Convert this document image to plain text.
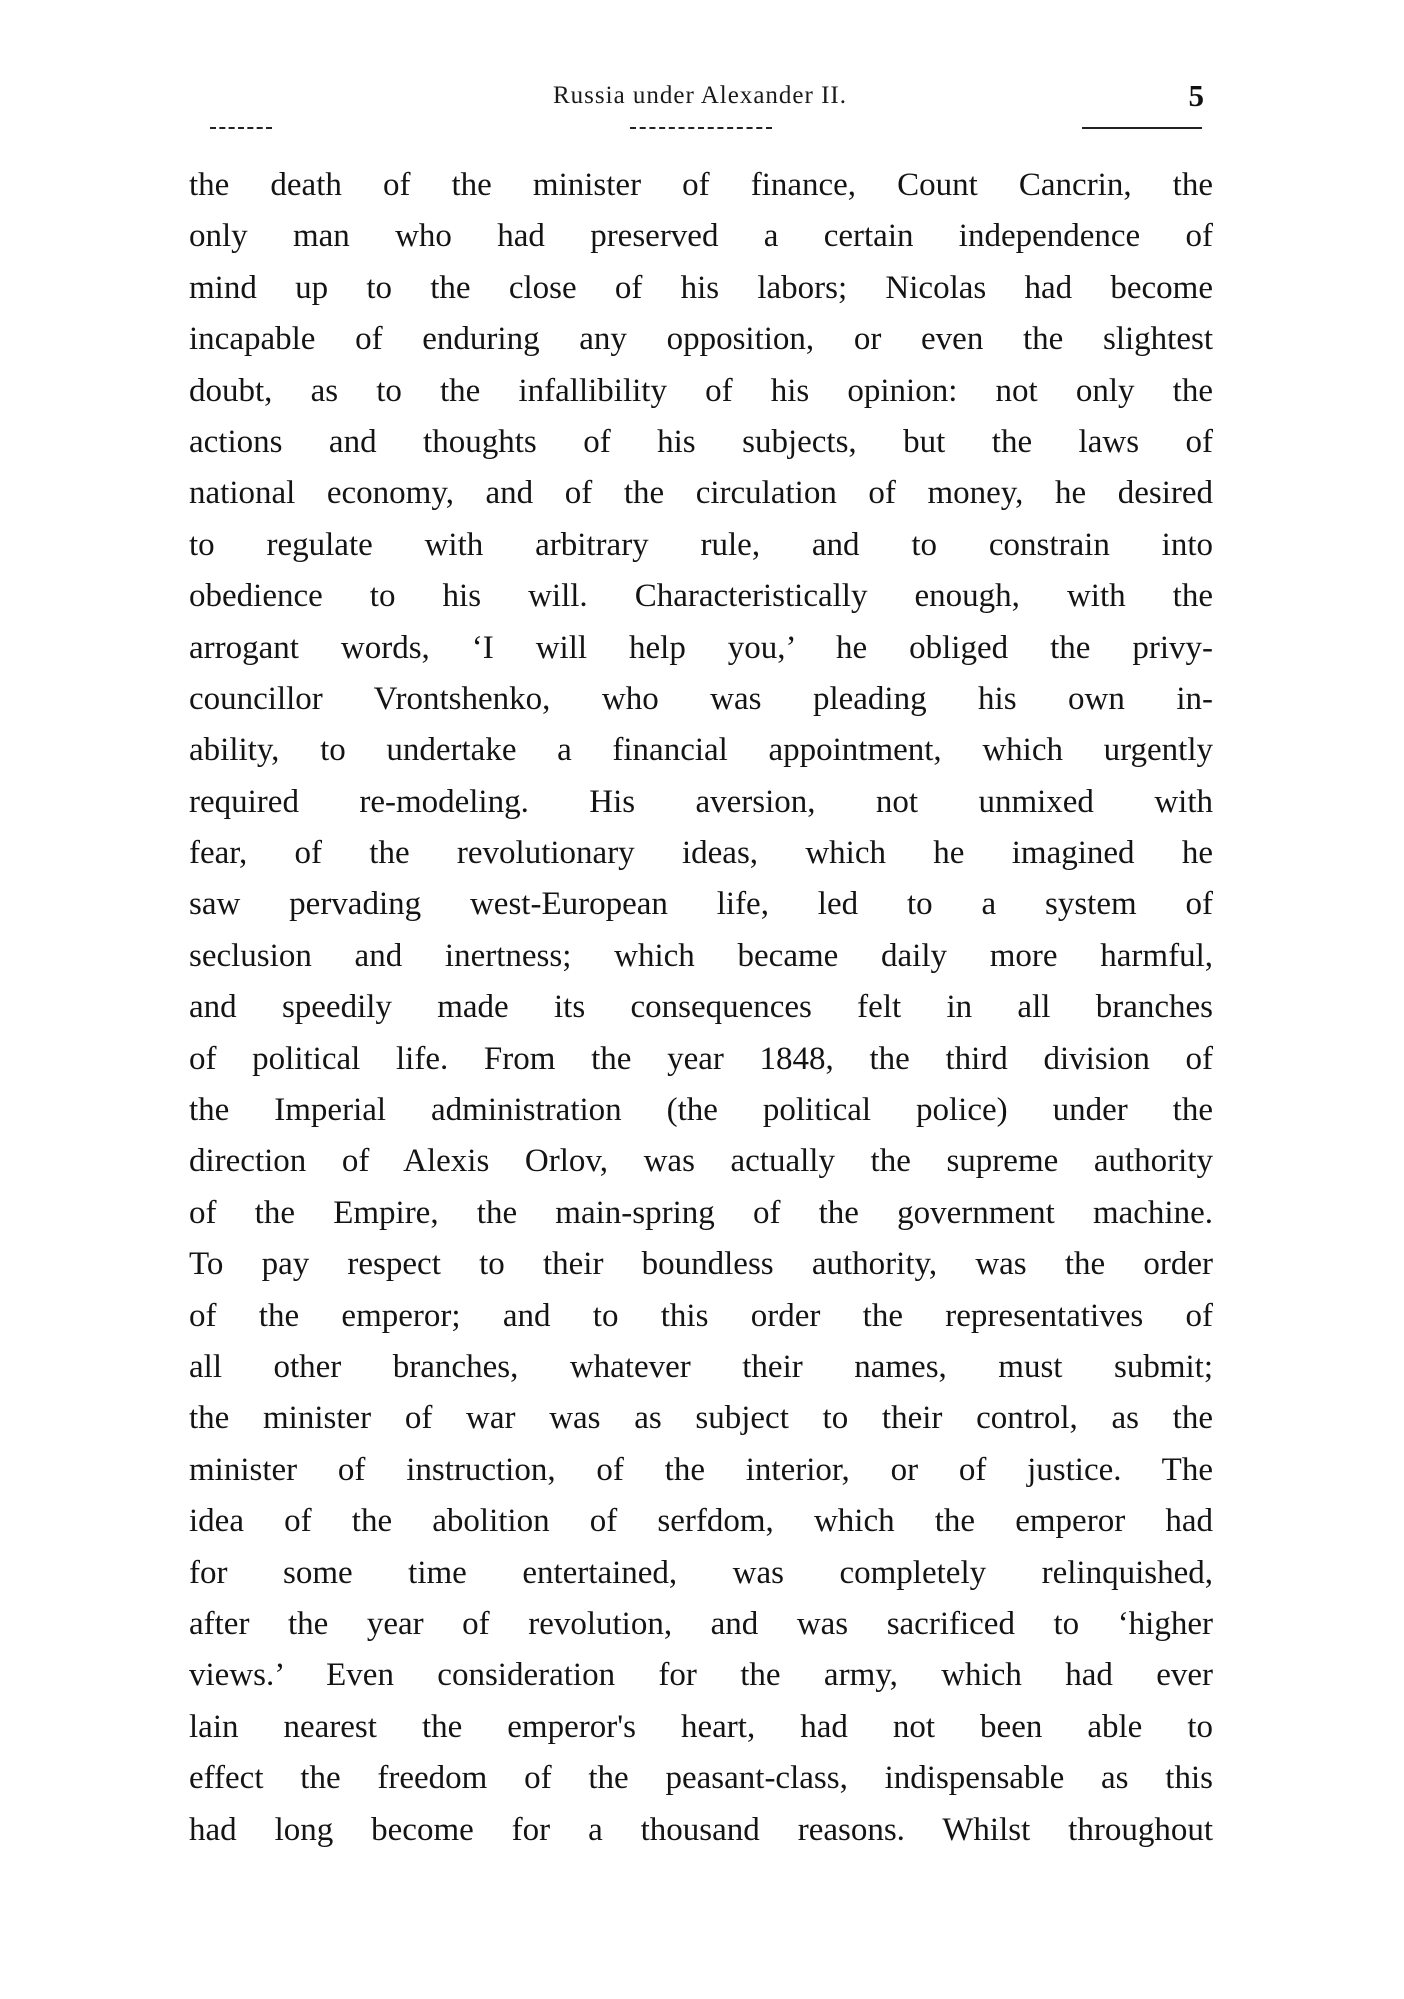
Russia under Alexander II.	5
the death of the minister of finance, Count Cancrin, the
only man who had preserved a certain independence of
mind up to the close of his labors; Nicolas had become
incapable of enduring any opposition, or even the slightest
doubt, as to the infallibility of his opinion: not only the
actions and thoughts of his subjects, but the laws of
national economy, and of the circulation of money, he desired
to regulate with arbitrary rule, and to constrain into
obedience to his will. Characteristically enough, with the
arrogant words, ‘I will help you,’ he obliged the privy-
councillor Vrontshenko, who was pleading his own in-
ability, to undertake a financial appointment, which urgently
required re-modeling. His aversion, not unmixed with
fear, of the revolutionary ideas, which he imagined he
saw pervading west-European life, led to a system of
seclusion and inertness; which became daily more harmful,
and speedily made its consequences felt in all branches
of political life. From the year 1848, the third division of
the Imperial administration (the political police) under the
direction of Alexis Orlov, was actually the supreme authority
of the Empire, the main-spring of the government machine.
To pay respect to their boundless authority, was the order
of the emperor; and to this order the representatives of
all other branches, whatever their names, must submit;
the minister of war was as subject to their control, as the
minister of instruction, of the interior, or of justice. The
idea of the abolition of serfdom, which the emperor had
for some time entertained, was completely relinquished,
after the year of revolution, and was sacrificed to ‘higher
views.’ Even consideration for the army, which had ever
lain nearest the emperor's heart, had not been able to
effect the freedom of the peasant-class, indispensable as this
had long become for a thousand reasons. Whilst throughout
